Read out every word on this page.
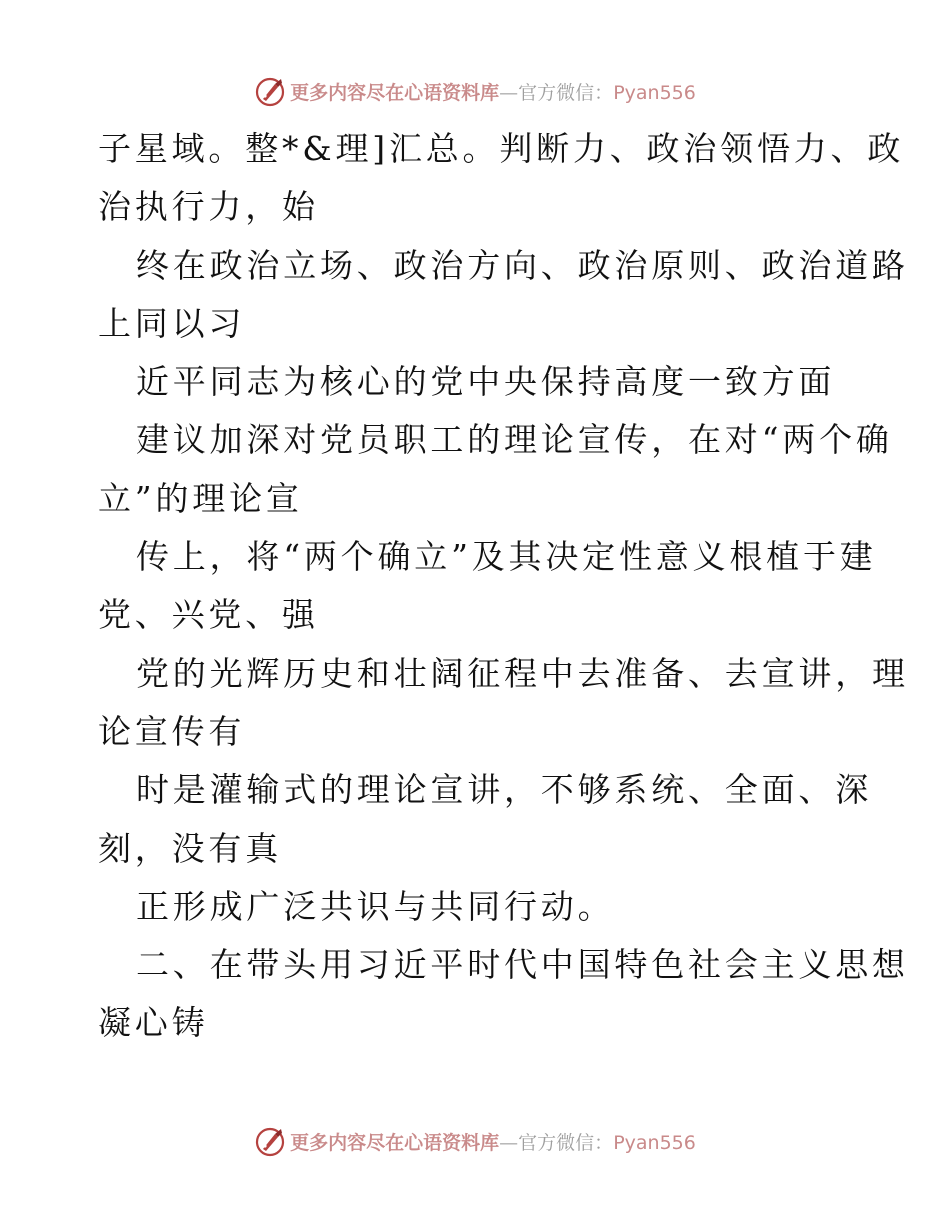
更多内容尽在心语资料库—官方微信：Pyan556
子星域。整*&理]汇总。判断力、政治领悟力、政
治执行力，始
终在政治立场、政治方向、政治原则、政治道路
上同以习
近平同志为核心的党中央保持高度一致方面
建议加深对党员职工的理论宣传，在对“两个确
立”的理论宣
传上，将“两个确立”及其决定性意义根植于建
党、兴党、强
党的光辉历史和壮阔征程中去准备、去宣讲，理
论宣传有
时是灌输式的理论宣讲，不够系统、全面、深
刻，没有真
正形成广泛共识与共同行动。
二、在带头用习近平时代中国特色社会主义思想
凝心铸
更多内容尽在心语资料库—官方微信：Pyan556
